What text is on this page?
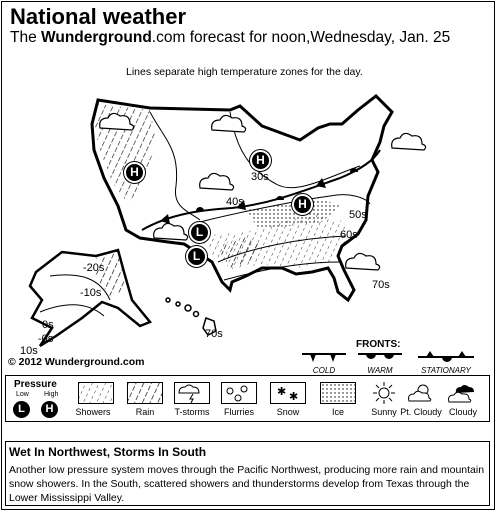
National weather
The Wunderground.com forecast for noon,Wednesday, Jan. 25
Lines separate high temperature zones for the day.
30s
40s
50s
60s
70s
-20s
-10s
0s
70s
10s
-0s
H
H
H
L
L
© 2012 Wunderground.com
FRONTS:
COLD	WARM	STATIONARY
Pressure
Low High
L	H	Showers	Rain	T-storms	Flurries
✱ ✱
Snow	Ice	Sunny Pt. Cloudy Cloudy
Wet In Northwest, Storms In South
Another low pressure system moves through the Pacific Northwest, producing more rain and mountain snow showers. In the South, scattered showers and thunderstorms develop from Texas through the Lower Mississippi Valley.
